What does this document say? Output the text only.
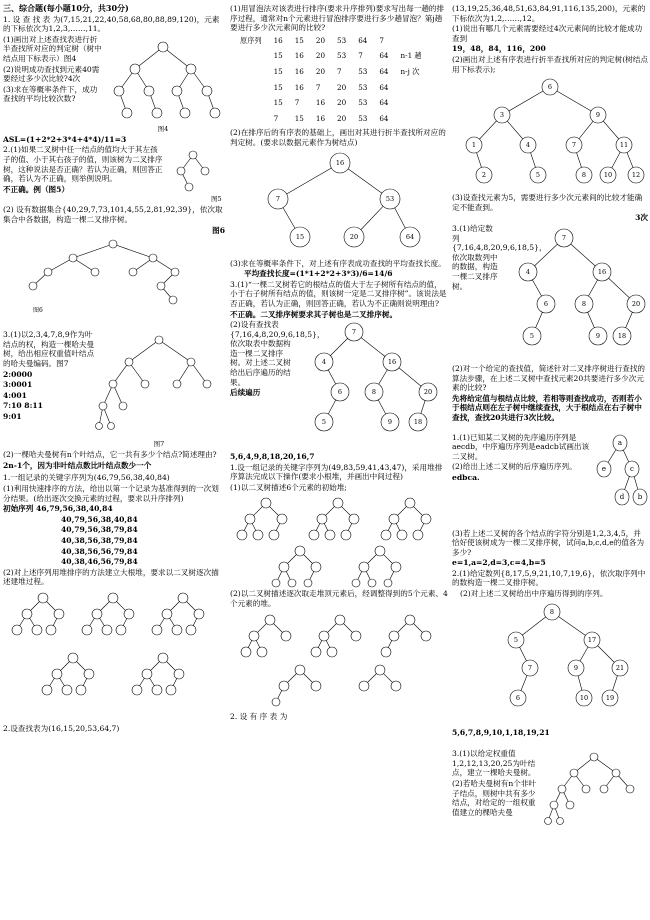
三、综合题(每小题10分，共30分)
1. 设 查 找 表 为(7,15,21,22,40,58,68,80,88,89,120)，元素的下标依次为1,2,3,……,11。
(1)画出对上述查找表进行折半查找所对应的判定树（树中结点用下标表示）图4
(2)说明成功查找到元素40需要经过多少次比较?4次
(3)求在等概率条件下，成功查找的平均比较次数?
图4
ASL=(1+2*2+3*4+4*4)/11=3
2.(1)如果二叉树中任一结点的值均大于其左孩子的值、小于其右孩子的值，则该树为二叉排序树，这种说法是否正确？若认为正确，则回答正确，若认为不正确，则举例说明。
不正确。例（图5）
图5
(2) 设有数据集合{40,29,7,73,101,4,55,2,81,92,39}，依次取集合中各数据，构造一棵二叉排序树。
图6
图6
3.(1)以2,3,4,7,8,9作为叶结点的权，构造一棵哈夫曼树，给出相应权重值叶结点的哈夫曼编码。图7
2:0000
3:0001
4:001
7:10 8:11
9:01
图7
(2)一棵哈夫曼树有n个叶结点，它一共有多少个结点?简述理由?
2n-1个，因为非叶结点数比叶结点数少一个
1.一组记录的关键字序列为(46,79,56,38,40,84)
(1)利用快速排序的方法，给出以第一个记录为基准得到的一次划分结果。(给出逐次交换元素的过程，要求以升序排列)
初始序列 46,79,56,38,40,84
40,79,56,38,40,84
40,79,56,38,79,84
40,38,56,38,79,84
40,38,56,56,79,84
40,38,46,56,79,84
(2)对上述序列用堆排序的方法建立大根堆，要求以二叉树逐次描述建堆过程。
2.设查找表为(16,15,20,53,64,7)
(1)用冒泡法对该表进行排序(要求升序排列)要求写出每一趟的排序过程，通常对n个元素进行冒泡排序要进行多少趟冒泡？第j趟要进行多少次元素间的比较?
原序列	16	15	20	53	64	7	

	15	16	20	53	7	64	n-1 趟

	15	16	20	7	53	64	n-j 次

	15	16	7	20	53	64	

	15	7	16	20	53	64	

	7	15	16	20	53	64	
(2)在排序后的有序表的基础上，画出对其进行折半查找所对应的判定树。(要求以数据元素作为树结点)
16
7	53
15	20	64
(3)求在等概率条件下，对上述有序表成功查找的平均查找长度。
平均查找长度=(1*1+2*2+3*3)/6=14/6
3.(1)“一棵二叉树若它的根结点的值大于左子树所有结点的值，小于右子树所有结点的值，则该树一定是二叉排序树”。该说法是否正确，若认为正确，则回答正确，若认为不正确则说明理由?
不正确。二叉排序树要求其子树也是二叉排序树。
(2)设有查找表{7,16,4,8,20,9,6,18,5}，依次取表中数据构造一棵二叉排序树。对上述二叉树给出后序遍历的结果。
后续遍历
7
4	16
6	8	20
5	9	18
5,6,4,9,8,18,20,16,7
1.设一组记录的关键字序列为(49,83,59,41,43,47)，采用堆排序算法完成以下操作(要求小根堆，并画出中间过程)
(1)以二叉树描述6个元素的初始堆;
(2)以二叉树描述逐次取走堆顶元素后，经调整得到的5个元素、4个元素的堆。
2. 设 有 序 表 为
(13,19,25,36,48,51,63,84,91,116,135,200)，元素的下标依次为1,2,……,12。
(1)说出有哪几个元素需要经过4次元素间的比较才能成功查到
19，48，84，116，200
(2)画出对上述有序表进行折半查找所对应的判定树(树结点用下标表示);
6
3	9
1	4	7	11
2	5	8	10	12
(3)设查找元素为5，需要进行多少次元素间的比较才能确定不能查到。
3次
3.(1)给定数列{7,16,4,8,20,9,6,18,5}，依次取数列中的数据，构造一棵二叉排序树。
7
4	16
6	8	20
5	9	18
(2)对一个给定的查找值，简述针对二叉排序树进行查找的算法步骤，在上述二叉树中查找元素20共要进行多少次元素的比较?
先将给定值与根结点比较，若相等则查找成功，否则若小于根结点则在左子树中继续查找，大于根结点在右子树中查找，查找20共进行3次比较。
1.(1)已知某二叉树的先序遍历序列是aecdb，中序遍历序列是eadcb试画出该二叉树。
(2)给出上述二叉树的后序遍历序列。
edbca.
a
e	c
d b
(3)若上述二叉树的各个结点的字符分别是1,2,3,4,5，并恰好使该树成为一棵二叉排序树，试问a,b,c,d,e的值各为多少?
e=1,a=2,d=3,c=4,b=5
2.(1)给定数列{8,17,5,9,21,10,7,19,6}，依次取序列中的数构造一棵二叉排序树。
(2)对上述二叉树给出中序遍历得到的序列。
8
5	17
7	9	21
6	10	19
5,6,7,8,9,10,1,18,19,21
3.(1)以给定权重值1,2,12,13,20,25为叶结点，建立一棵哈夫曼树。
(2)若哈夫曼树有n个非叶子结点，则树中共有多少结点，对给定的一组权重值建立的棵哈夫曼
